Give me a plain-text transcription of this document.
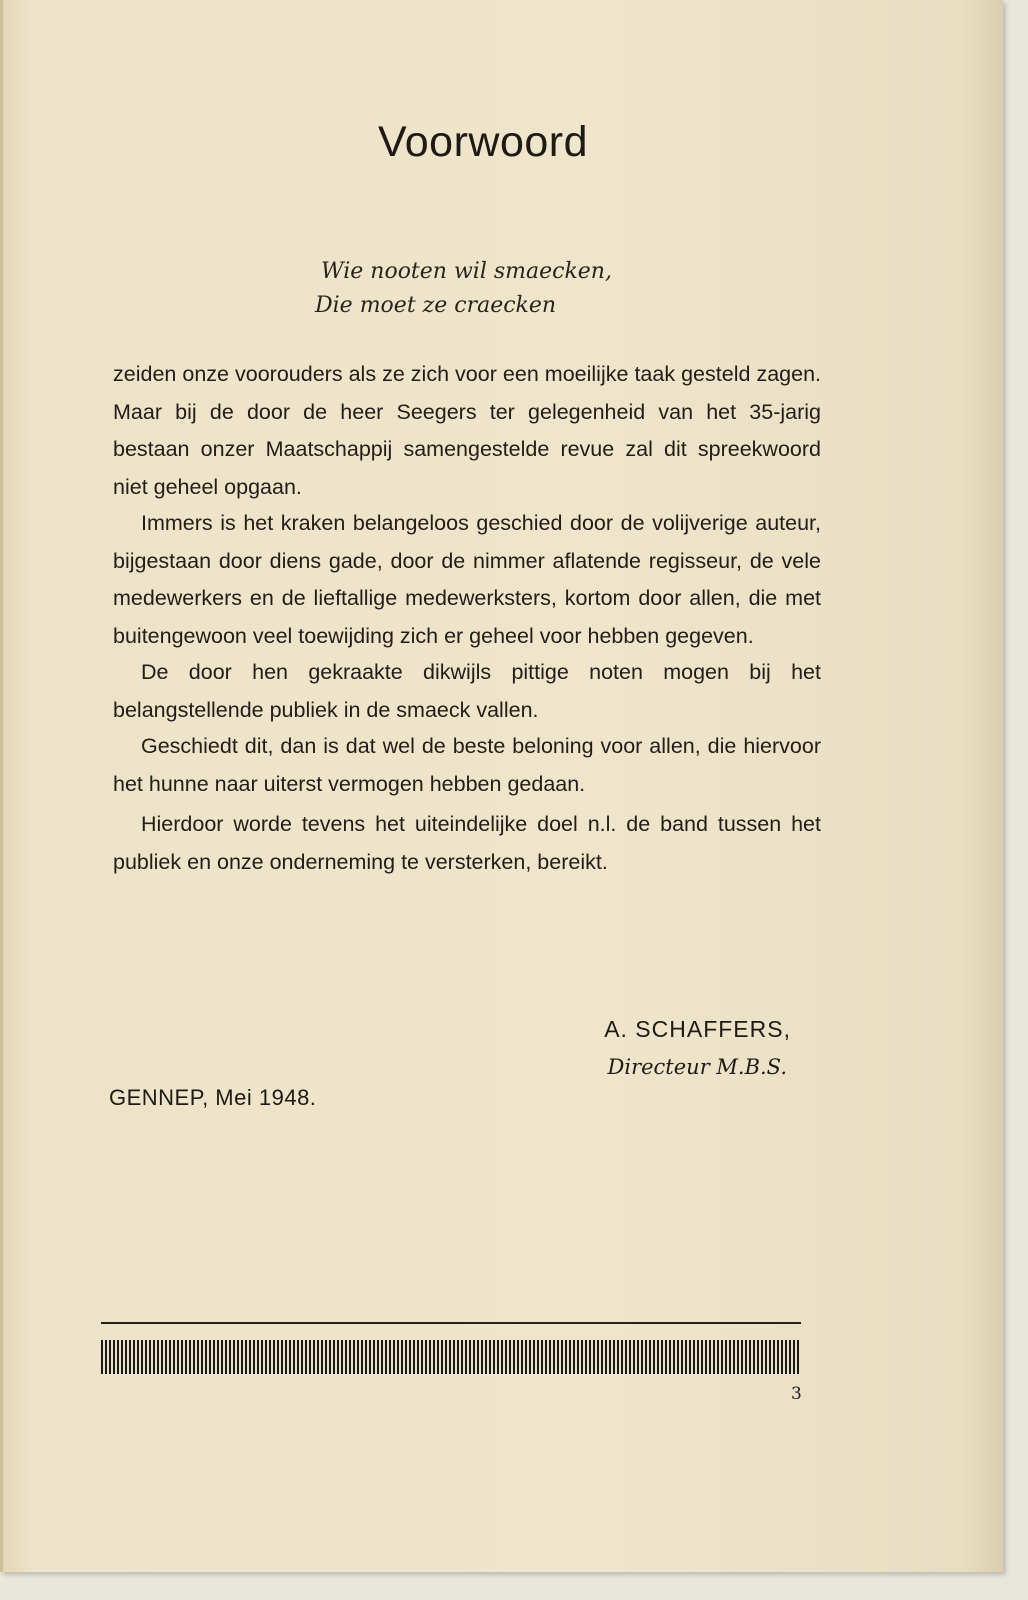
Voorwoord
Wie nooten wil smaecken,
Die moet ze craecken

zeiden onze voorouders als ze zich voor een moeilijke taak gesteld zagen. Maar bij de door de heer Seegers ter gelegenheid van het 35-jarig bestaan onzer Maatschappij samengestelde revue zal dit spreekwoord niet geheel opgaan.

Immers is het kraken belangeloos geschied door de volijverige auteur, bijgestaan door diens gade, door de nimmer aflatende regisseur, de vele medewerkers en de lieftallige medewerksters, kortom door allen, die met buitengewoon veel toewijding zich er geheel voor hebben gegeven.

De door hen gekraakte dikwijls pittige noten mogen bij het belangstellende publiek in de smaeck vallen.

Geschiedt dit, dan is dat wel de beste beloning voor allen, die hiervoor het hunne naar uiterst vermogen hebben gedaan.

Hierdoor worde tevens het uiteindelijke doel n.l. de band tussen het publiek en onze onderneming te versterken, bereikt.

A. SCHAFFERS,
Directeur M.B.S.
GENNEP, Mei 1948.
3
